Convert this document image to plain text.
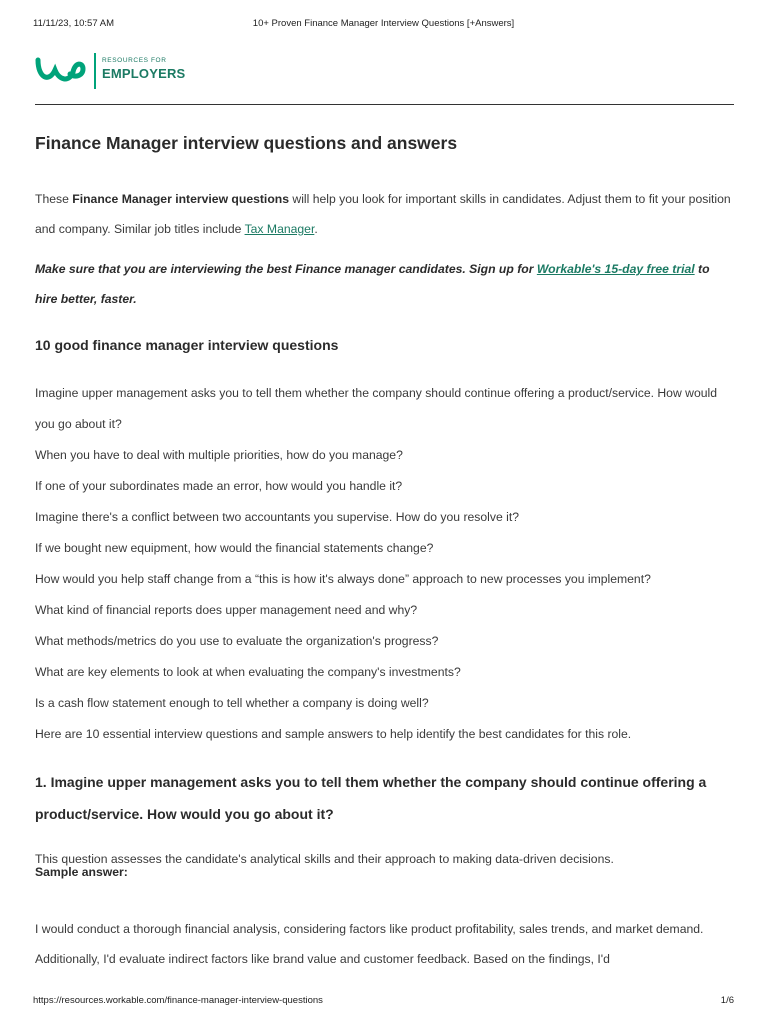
11/11/23, 10:57 AM	10+ Proven Finance Manager Interview Questions [+Answers]
RESOURCES FOR
EMPLOYERS
Finance Manager interview questions and answers

These Finance Manager interview questions will help you look for important skills in candidates. Adjust them to fit your position and company. Similar job titles include Tax Manager.

Make sure that you are interviewing the best Finance manager candidates. Sign up for Workable's 15-day free trial to hire better, faster.

10 good finance manager interview questions
Imagine upper management asks you to tell them whether the company should continue offering a product/service. How would you go about it?
When you have to deal with multiple priorities, how do you manage?
If one of your subordinates made an error, how would you handle it?
Imagine there's a conflict between two accountants you supervise. How do you resolve it?
If we bought new equipment, how would the financial statements change?
How would you help staff change from a “this is how it's always done” approach to new processes you implement?
What kind of financial reports does upper management need and why?
What methods/metrics do you use to evaluate the organization's progress?
What are key elements to look at when evaluating the company's investments?
Is a cash flow statement enough to tell whether a company is doing well?
Here are 10 essential interview questions and sample answers to help identify the best candidates for this role.
1. Imagine upper management asks you to tell them whether the company should continue offering a product/service. How would you go about it?

This question assesses the candidate's analytical skills and their approach to making data-driven decisions.

Sample answer:

I would conduct a thorough financial analysis, considering factors like product profitability, sales trends, and market demand. Additionally, I'd evaluate indirect factors like brand value and customer feedback. Based on the findings, I'd

https://resources.workable.com/finance-manager-interview-questions	1/6
